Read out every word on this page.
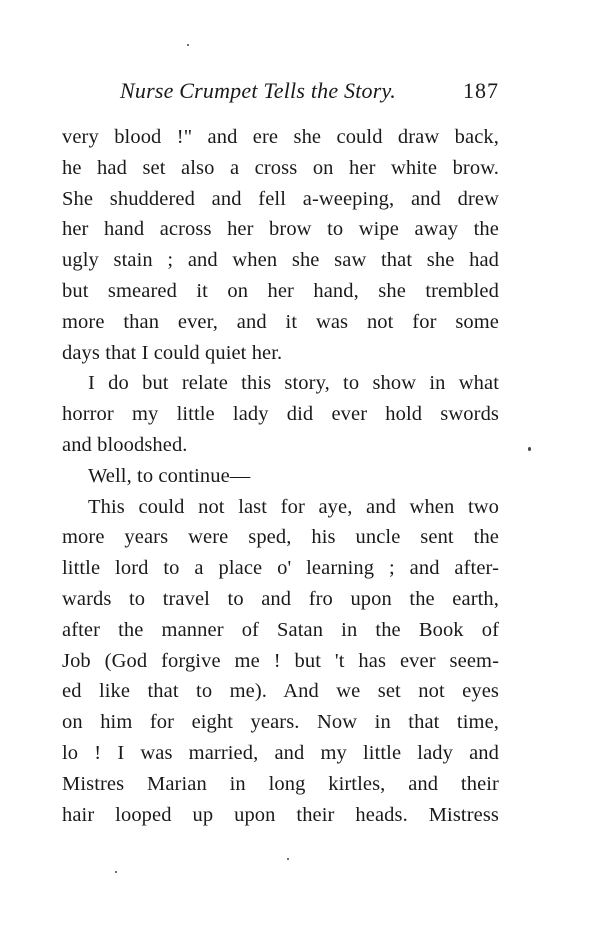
Nurse Crumpet Tells the Story.	187
very blood !" and ere she could draw back,
he had set also a cross on her white brow.
She shuddered and fell a-weeping, and drew
her hand across her brow to wipe away the
ugly stain ; and when she saw that she had
but smeared it on her hand, she trembled
more than ever, and it was not for some
days that I could quiet her.
I do but relate this story, to show in what
horror my little lady did ever hold swords
and bloodshed.
Well, to continue—
This could not last for aye, and when two
more years were sped, his uncle sent the
little lord to a place o' learning ; and after-
wards to travel to and fro upon the earth,
after the manner of Satan in the Book of
Job (God forgive me ! but 't has ever seem-
ed like that to me). And we set not eyes
on him for eight years. Now in that time,
lo ! I was married, and my little lady and
Mistres Marian in long kirtles, and their
hair looped up upon their heads. Mistress
